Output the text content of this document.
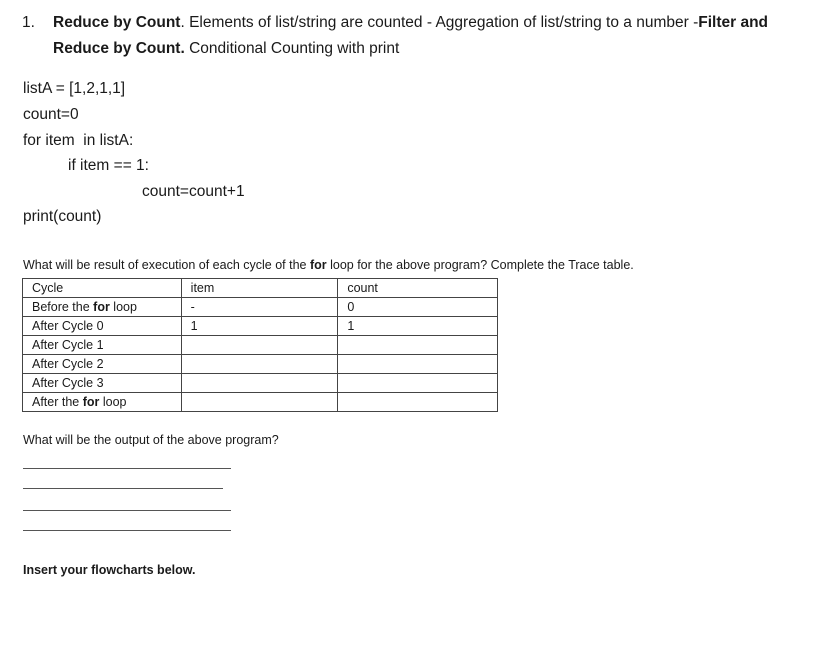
1. Reduce by Count. Elements of list/string are counted - Aggregation of list/string to a number -Filter and Reduce by Count. Conditional Counting with print
listA = [1,2,1,1]
count=0
for item  in listA:
if item == 1:
count=count+1
print(count)
What will be result of execution of each cycle of the for loop for the above program? Complete the Trace table.
Cycle	item	count
Before the for loop	-	0
After Cycle 0	1	1
After Cycle 1		
After Cycle 2		
After Cycle 3		
After the for loop		
What will be the output of the above program?
Insert your flowcharts below.
